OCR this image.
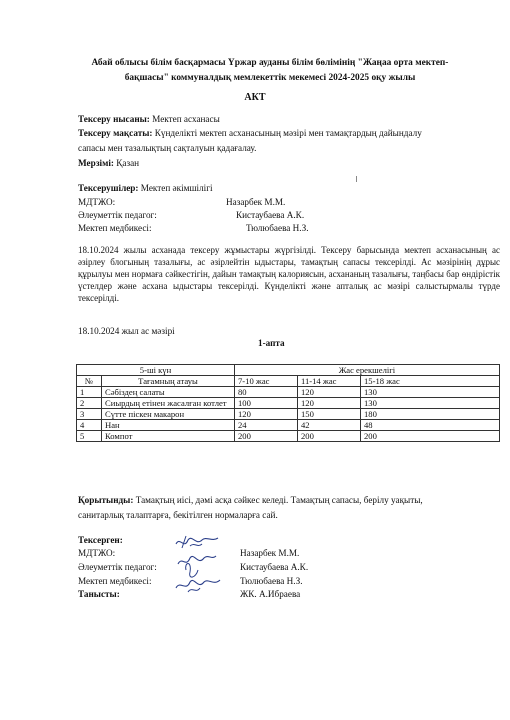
Абай облысы білім басқармасы Үржар ауданы білім бөлімінің "Жаңаа орта мектеп-бақшасы" коммуналдық мемлекеттік мекемесі 2024-2025 оқу жылы
АКТ
Тексеру нысаны: Мектеп асханасы
Тексеру мақсаты: Күнделікті мектеп асханасының мәзірі мен тамақтардың дайындалу
сапасы мен тазалықтың сақталуын қадағалау.
Мерзімі: Қазан
Тексерушілер: Мектеп әкімшілігі
МДТЖО:	Назарбек М.М.
Әлеуметтік педагог:	Кистаубаева А.К.
Мектеп медбикесі:	Тюлюбаева Н.З.
18.10.2024 жылы асханада тексеру жұмыстары жүргізілді. Тексеру барысында мектеп асханасының ас әзірлеу блогының тазалығы, ас әзірлейтін ыдыстары, тамақтың сапасы тексерілді. Ас мәзірінің дұрыс құрылуы мен нормаға сәйкестігін, дайын тамақтың калориясын, асхананың тазалығы, таңбасы бар өндірістік үстелдер және асхана ыдыстары тексерілді. Күнделікті және апталық ас мәзірі салыстырмалы түрде тексерілді.
18.10.2024 жыл ас мәзірі
1-апта
5-ші күн		Жас ерекшелігі		
№	Тағамның атауы	7-10 жас	11-14 жас	15-18 жас
1	Сәбіздең салаты	80	120	130
2	Сиырдың етінен жасалған котлет	100	120	130
3	Сүтте піскен макарон	120	150	180
4	Нан	24	42	48
5	Компот	200	200	200
Қорытынды: Тамақтың иісі, дәмі асқа сәйкес келеді. Тамақтың сапасы, берілу уақыты,
санитарлық талаптарға, бекітілген нормаларға сай.
Тексерген:
МДТЖО:	Назарбек М.М.
Әлеуметтік педагог:	Кистаубаева А.К.
Мектеп медбикесі:	Тюлюбаева Н.З.
Танысты:	ЖК. А.Ибраева
